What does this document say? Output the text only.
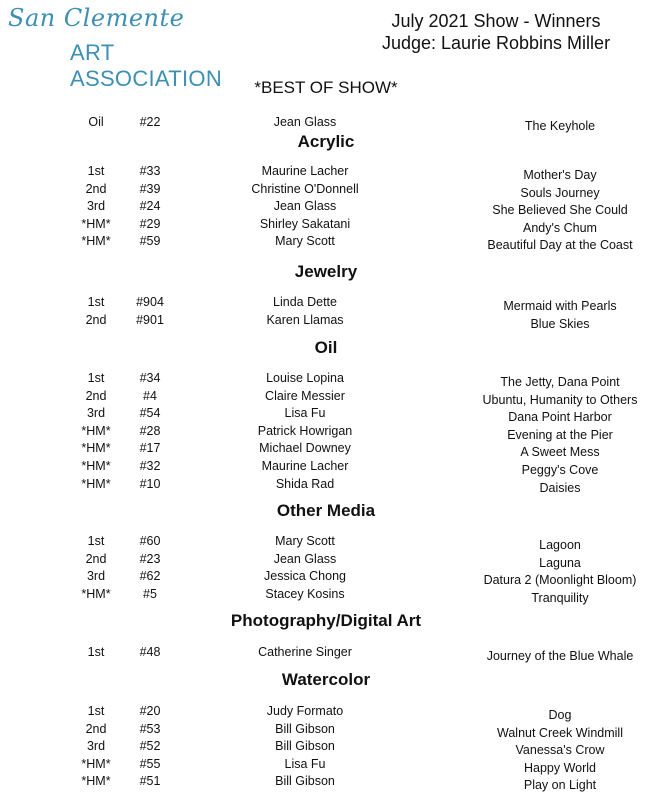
San Clemente
ART ASSOCIATION
July 2021 Show - Winners
Judge: Laurie Robbins Miller
*BEST OF SHOW*
Oil	#22	Jean Glass	The Keyhole
Acrylic
1st	#33	Maurine Lacher	Mother's Day
2nd	#39	Christine O'Donnell	Souls Journey
3rd	#24	Jean Glass	She Believed She Could
*HM*	#29	Shirley Sakatani	Andy's Chum
*HM*	#59	Mary Scott	Beautiful Day at the Coast
Jewelry
1st	#904	Linda Dette	Mermaid with Pearls
2nd	#901	Karen Llamas	Blue Skies
Oil
1st	#34	Louise Lopina	The Jetty, Dana Point
2nd	#4	Claire Messier	Ubuntu, Humanity to Others
3rd	#54	Lisa Fu	Dana Point Harbor
*HM*	#28	Patrick Howrigan	Evening at the Pier
*HM*	#17	Michael Downey	A Sweet Mess
*HM*	#32	Maurine Lacher	Peggy's Cove
*HM*	#10	Shida Rad	Daisies
Other Media
1st	#60	Mary Scott	Lagoon
2nd	#23	Jean Glass	Laguna
3rd	#62	Jessica Chong	Datura 2 (Moonlight Bloom)
*HM*	#5	Stacey Kosins	Tranquility
Photography/Digital Art
1st	#48	Catherine Singer	Journey of the Blue Whale
Watercolor
1st	#20	Judy Formato	Dog
2nd	#53	Bill Gibson	Walnut Creek Windmill
3rd	#52	Bill Gibson	Vanessa's Crow
*HM*	#55	Lisa Fu	Happy World
*HM*	#51	Bill Gibson	Play on Light
